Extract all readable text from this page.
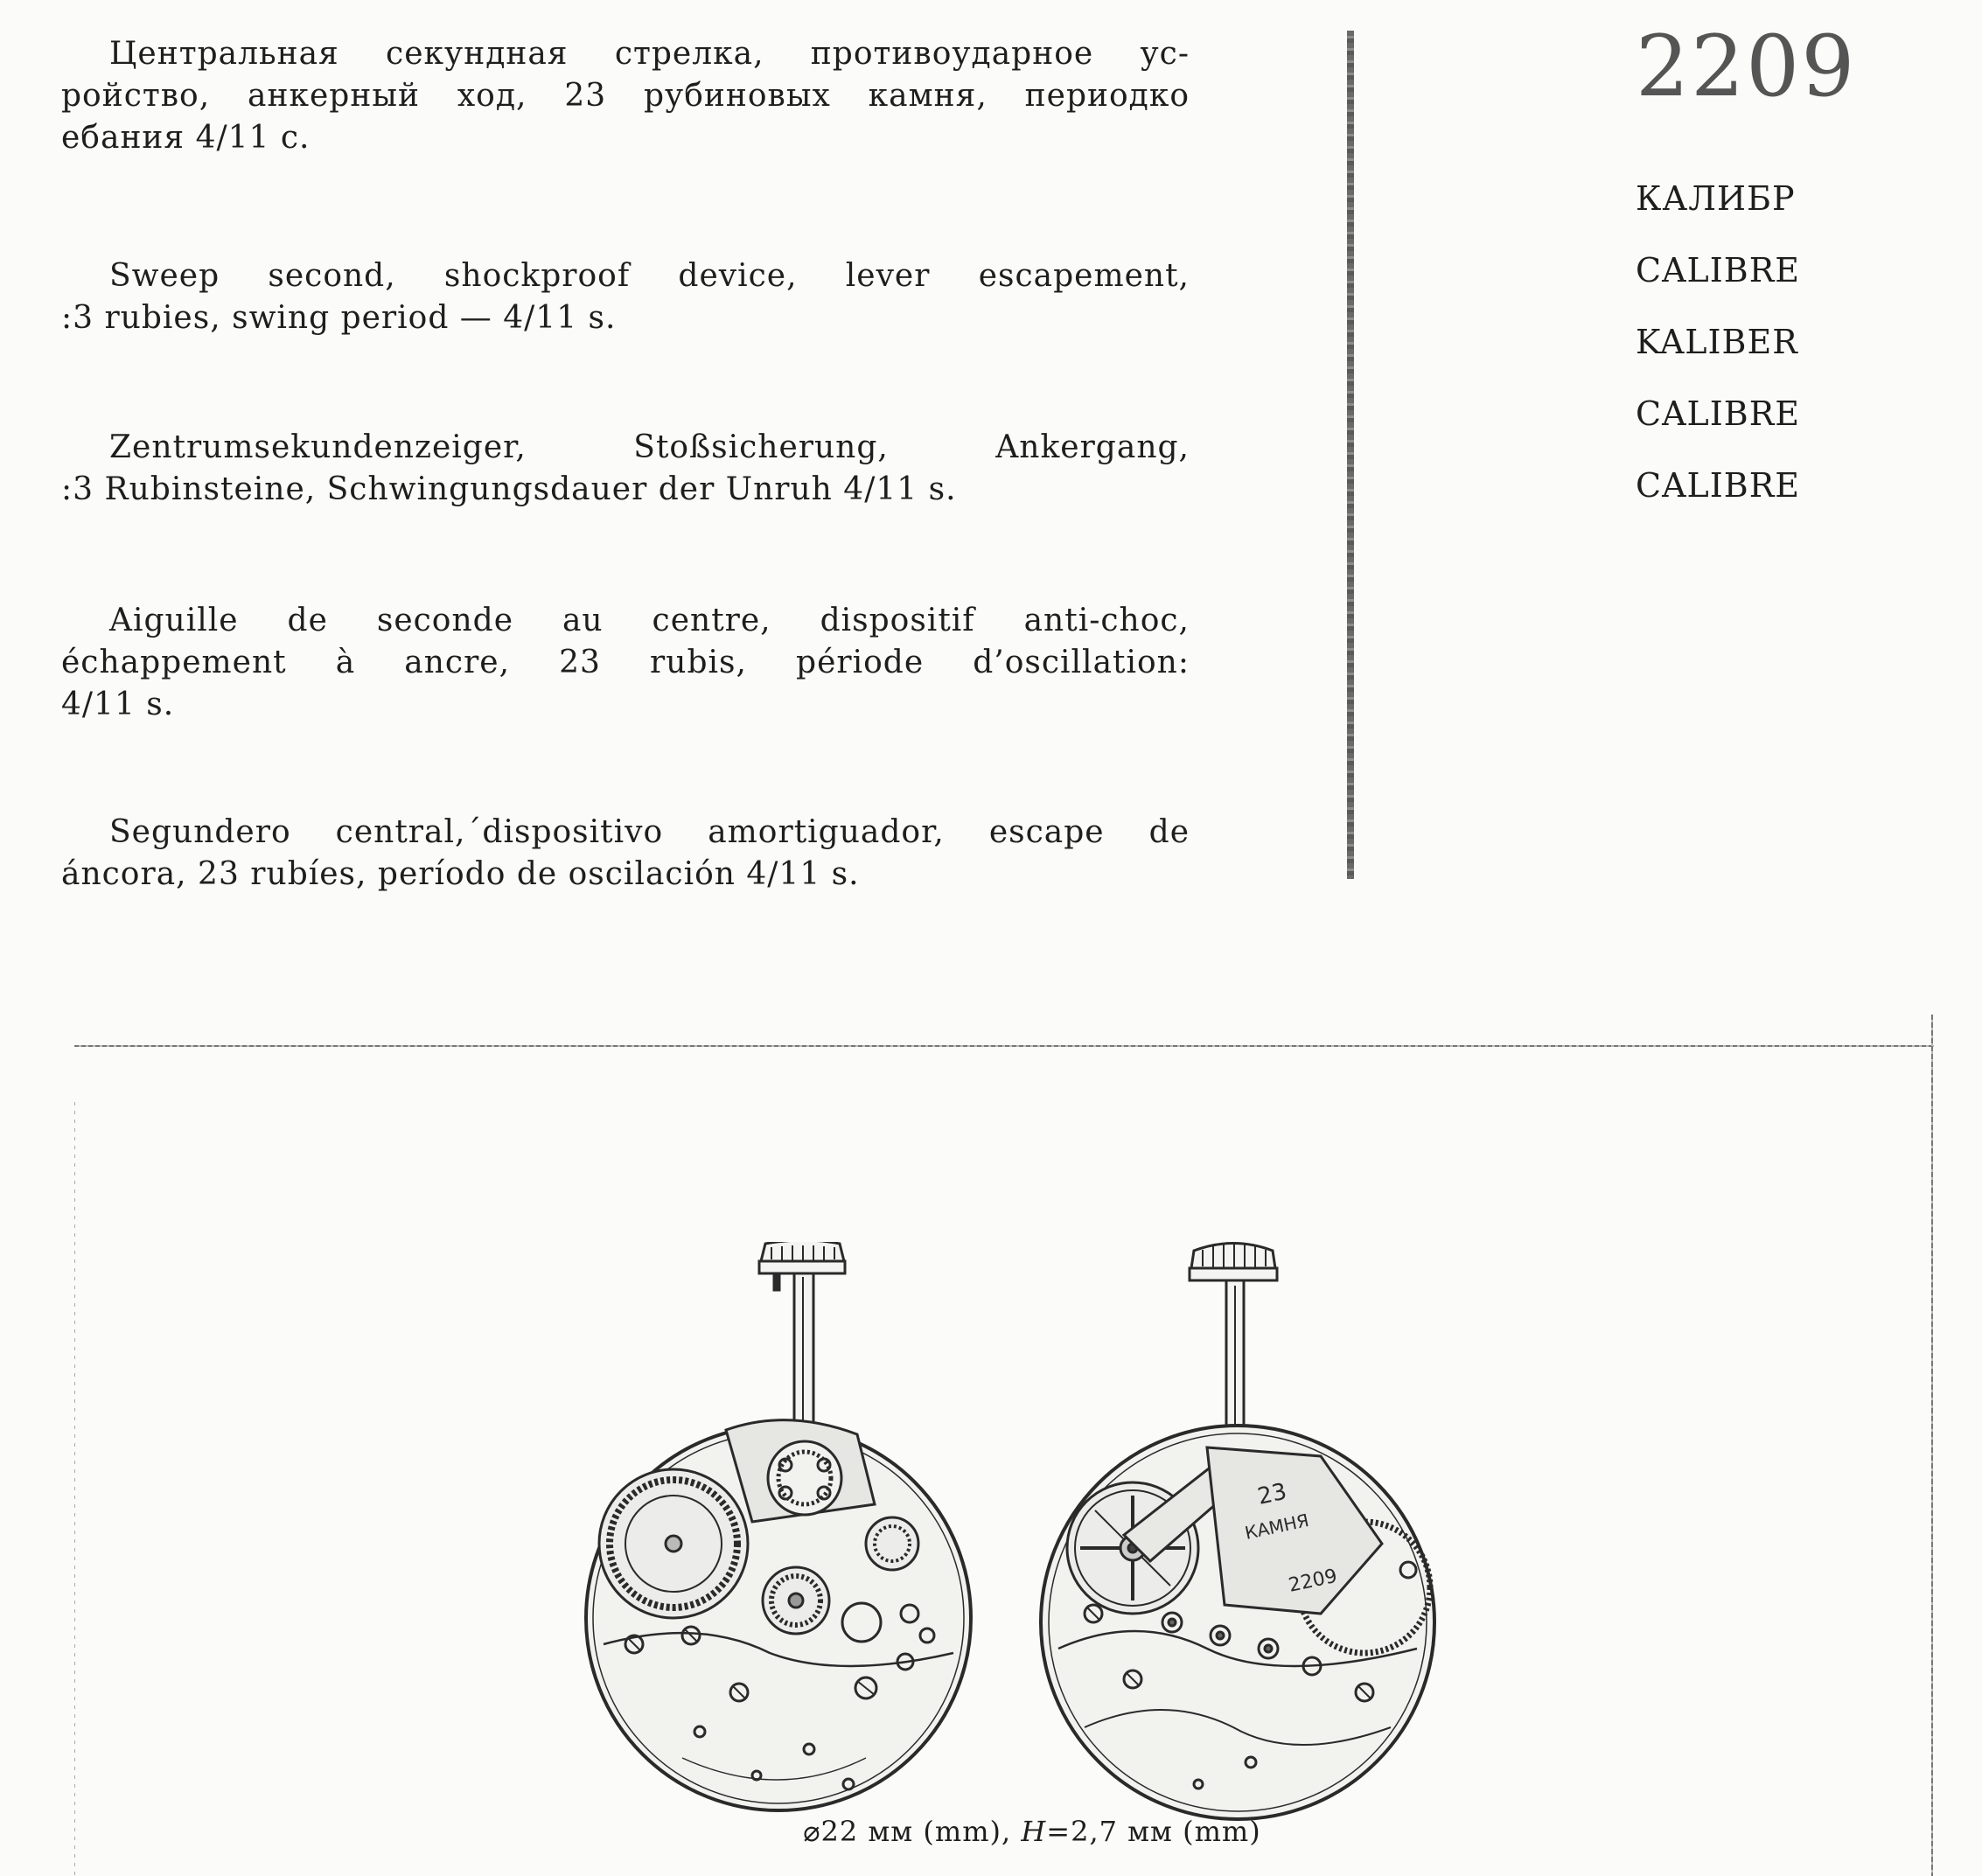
Центральная секундная стрелка, противоударное ус-
ройство, анкерный ход, 23 рубиновых камня, периодко
ебания 4/11 с.

Sweep second, shockproof device, lever escapement,
:3 rubies, swing period — 4/11 s.

Zentrumsekundenzeiger, Stoßsicherung, Ankergang,
:3 Rubinsteine, Schwingungsdauer der Unruh 4/11 s.

Aiguille de seconde au centre, dispositif anti-choc,
échappement à ancre, 23 rubis, période d’oscillation:
4/11 s.

Segundero central,´dispositivo amortiguador, escape de
áncora, 23 rubíes, período de oscilación 4/11 s.

2209
КАЛИБР
CALIBRE
KALIBER
CALIBRE
CALIBRE
23
КАМНЯ
2209

⌀22 мм (mm), H=2,7 мм (mm)
